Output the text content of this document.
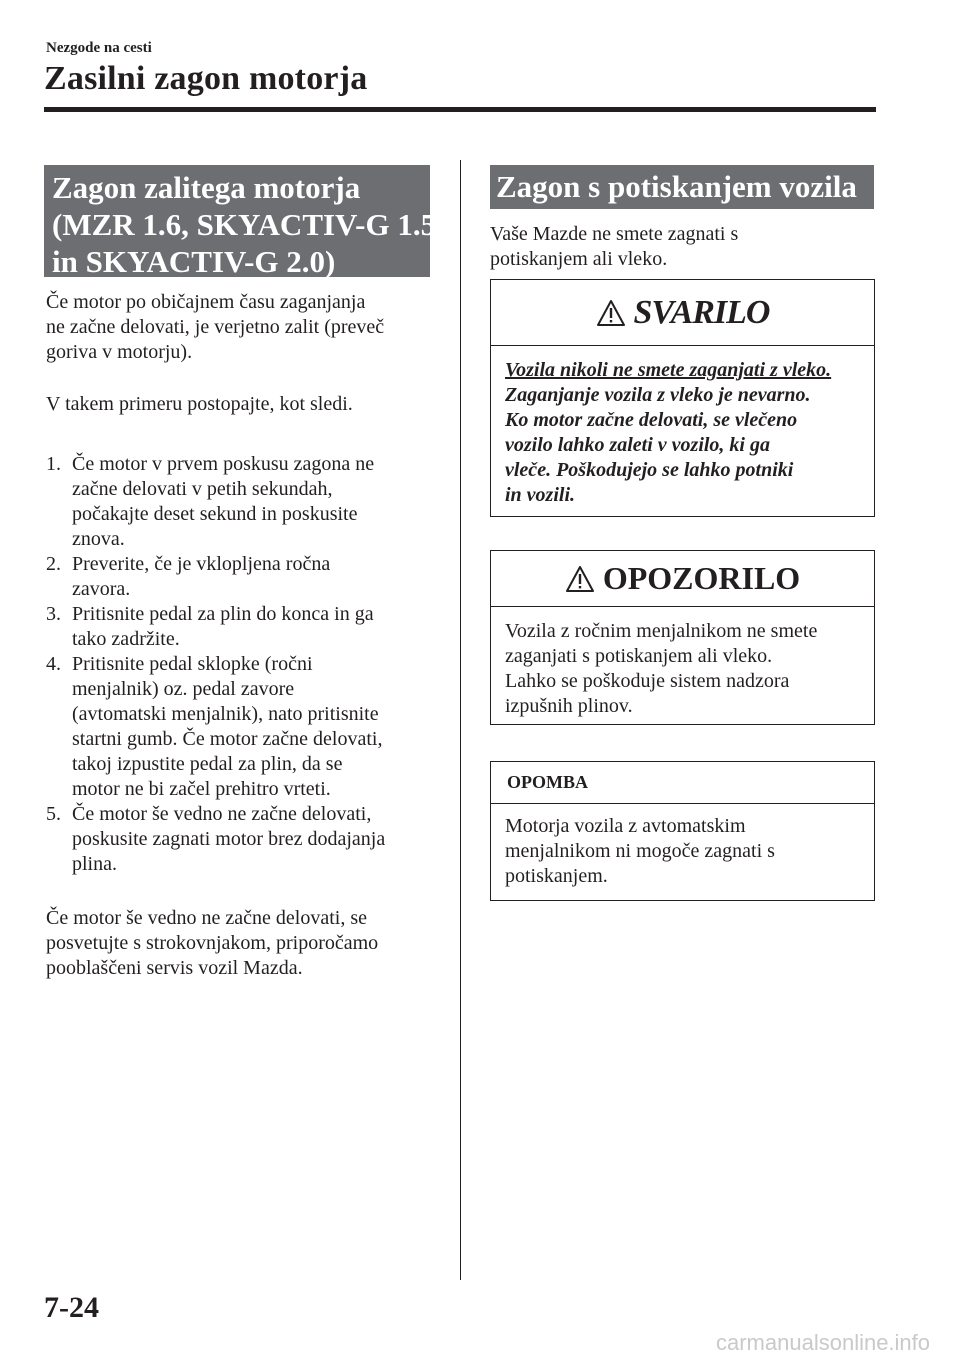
Nezgode na cesti
Zasilni zagon motorja
Zagon zalitega motorja
(MZR 1.6, SKYACTIV-G 1.5
in SKYACTIV-G 2.0)
Če motor po običajnem času zaganjanja
ne začne delovati, je verjetno zalit (preveč
goriva v motorju).
V takem primeru postopajte, kot sledi.
1. Če motor v prvem poskusu zagona ne
začne delovati v petih sekundah,
počakajte deset sekund in poskusite
znova.
2. Preverite, če je vklopljena ročna
zavora.
3. Pritisnite pedal za plin do konca in ga
tako zadržite.
4. Pritisnite pedal sklopke (ročni
menjalnik) oz. pedal zavore
(avtomatski menjalnik), nato pritisnite
startni gumb. Če motor začne delovati,
takoj izpustite pedal za plin, da se
motor ne bi začel prehitro vrteti.
5. Če motor še vedno ne začne delovati,
poskusite zagnati motor brez dodajanja
plina.
Če motor še vedno ne začne delovati, se
posvetujte s strokovnjakom, priporočamo
pooblaščeni servis vozil Mazda.
Zagon s potiskanjem vozila
Vaše Mazde ne smete zagnati s
potiskanjem ali vleko.
SVARILO
Vozila nikoli ne smete zaganjati z vleko.
Zaganjanje vozila z vleko je nevarno.
Ko motor začne delovati, se vlečeno
vozilo lahko zaleti v vozilo, ki ga
vleče. Poškodujejo se lahko potniki
in vozili.
OPOZORILO
Vozila z ročnim menjalnikom ne smete
zaganjati s potiskanjem ali vleko.
Lahko se poškoduje sistem nadzora
izpušnih plinov.
OPOMBA
Motorja vozila z avtomatskim
menjalnikom ni mogoče zagnati s
potiskanjem.
7-24
carmanualsonline.info
